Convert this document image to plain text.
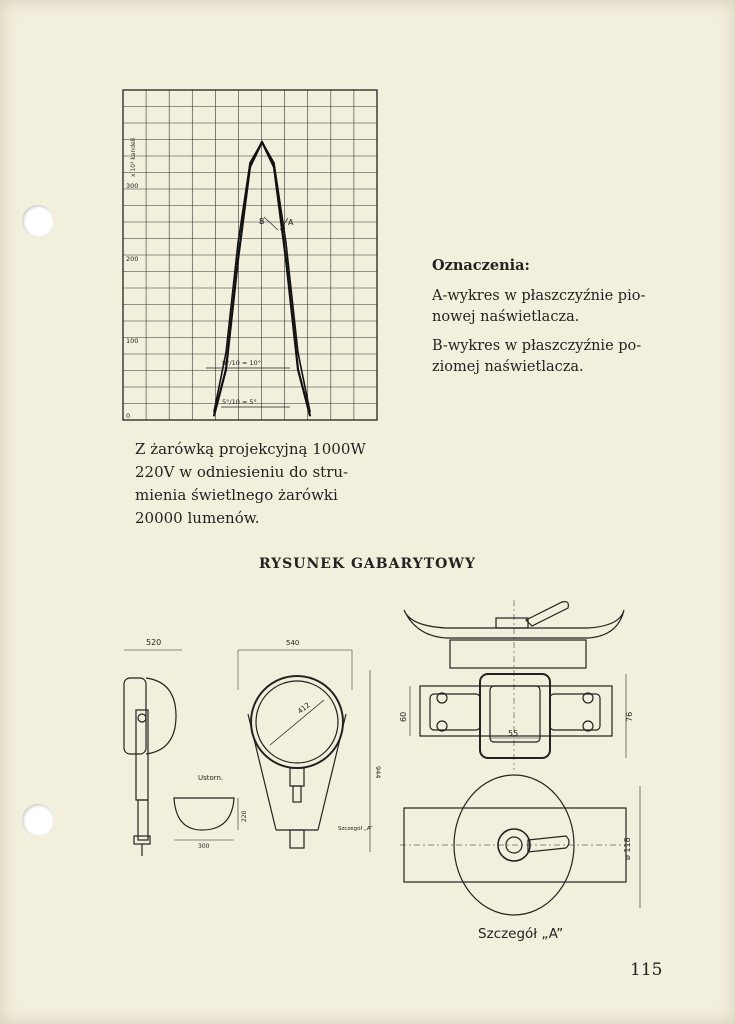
x 10³ kandeli
300
200
100
0
B	A
8°/10 ≈ 10°
5°/10 ≈ 5°
Z żarówką projekcyjną 1000W
220V w odniesieniu do stru-
mienia świetlnego żarówki
20000 lumenów.
Oznaczenia:

A-wykres w płaszczyźnie pio-
nowej naświetlacza.

B-wykres w płaszczyźnie po-
ziomej naświetlacza.

RYSUNEK GABARYTOWY
520
Ustorn.
300
220
540
412
944
Szczegół „A”
60
55
76
ø 118
Szczegół „A”
115
